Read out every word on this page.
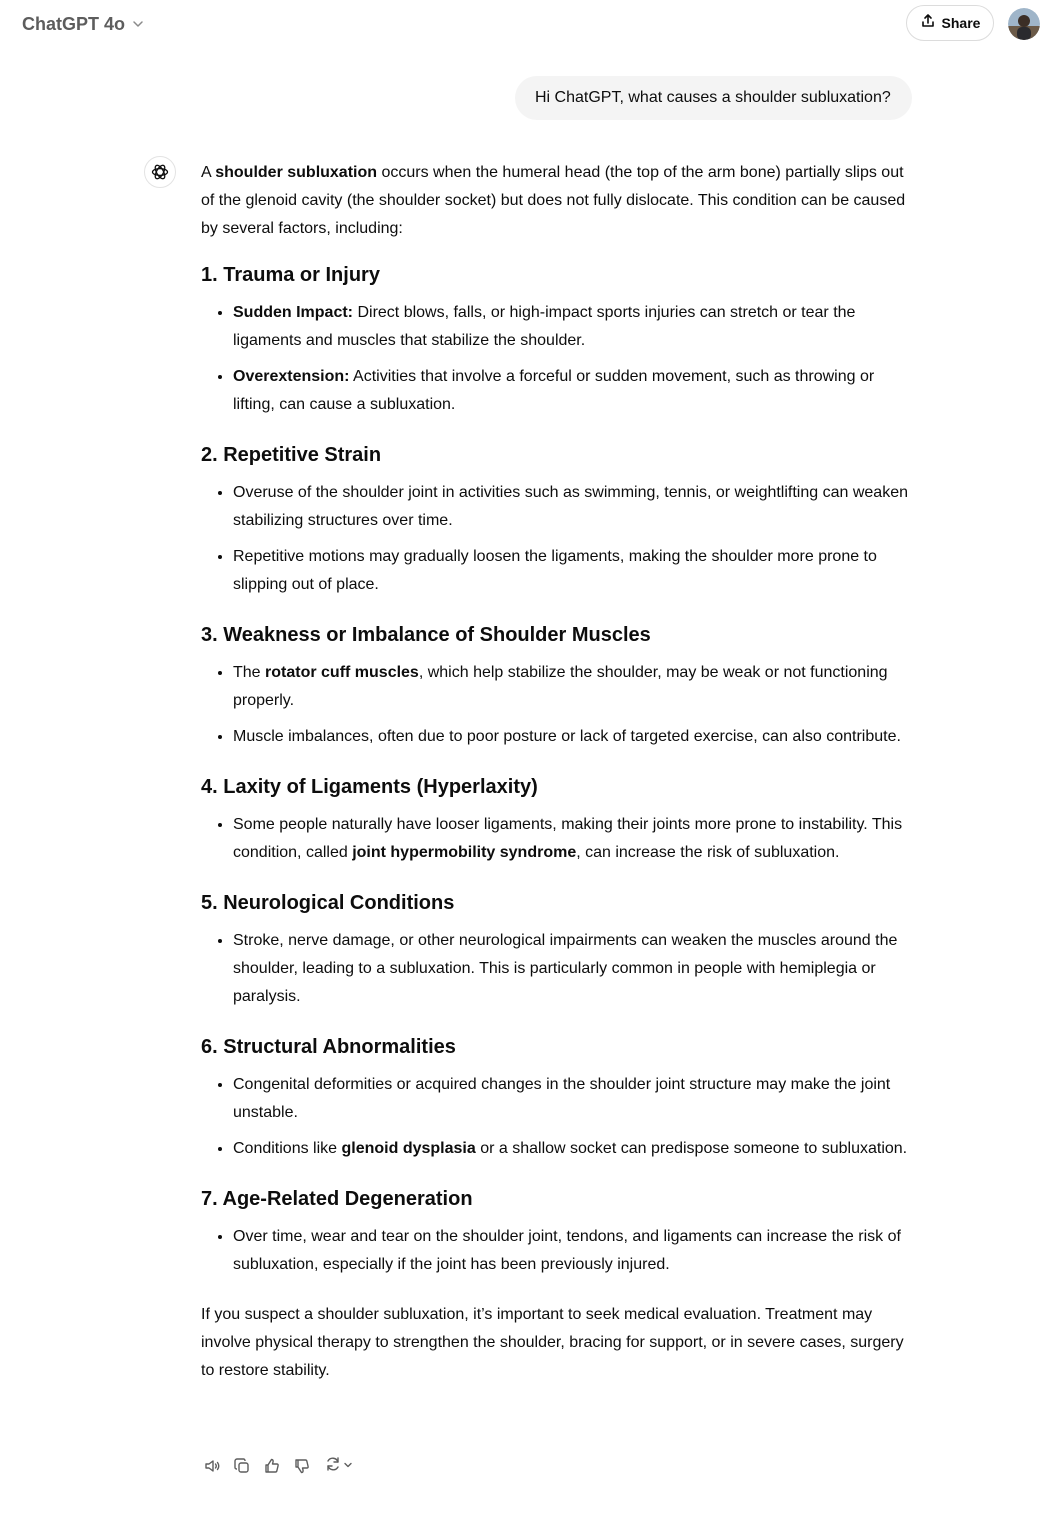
ChatGPT 4o	Share
Hi ChatGPT, what causes a shoulder subluxation?

A shoulder subluxation occurs when the humeral head (the top of the arm bone) partially slips out of the glenoid cavity (the shoulder socket) but does not fully dislocate. This condition can be caused by several factors, including:

1. Trauma or Injury
• Sudden Impact: Direct blows, falls, or high-impact sports injuries can stretch or tear the ligaments and muscles that stabilize the shoulder.
• Overextension: Activities that involve a forceful or sudden movement, such as throwing or lifting, can cause a subluxation.
2. Repetitive Strain
• Overuse of the shoulder joint in activities such as swimming, tennis, or weightlifting can weaken stabilizing structures over time.
• Repetitive motions may gradually loosen the ligaments, making the shoulder more prone to slipping out of place.
3. Weakness or Imbalance of Shoulder Muscles
• The rotator cuff muscles, which help stabilize the shoulder, may be weak or not functioning properly.
• Muscle imbalances, often due to poor posture or lack of targeted exercise, can also contribute.
4. Laxity of Ligaments (Hyperlaxity)
• Some people naturally have looser ligaments, making their joints more prone to instability. This condition, called joint hypermobility syndrome, can increase the risk of subluxation.
5. Neurological Conditions
• Stroke, nerve damage, or other neurological impairments can weaken the muscles around the shoulder, leading to a subluxation. This is particularly common in people with hemiplegia or paralysis.
6. Structural Abnormalities
• Congenital deformities or acquired changes in the shoulder joint structure may make the joint unstable.
• Conditions like glenoid dysplasia or a shallow socket can predispose someone to subluxation.
7. Age-Related Degeneration
• Over time, wear and tear on the shoulder joint, tendons, and ligaments can increase the risk of subluxation, especially if the joint has been previously injured.

If you suspect a shoulder subluxation, it’s important to seek medical evaluation. Treatment may involve physical therapy to strengthen the shoulder, bracing for support, or in severe cases, surgery to restore stability.
